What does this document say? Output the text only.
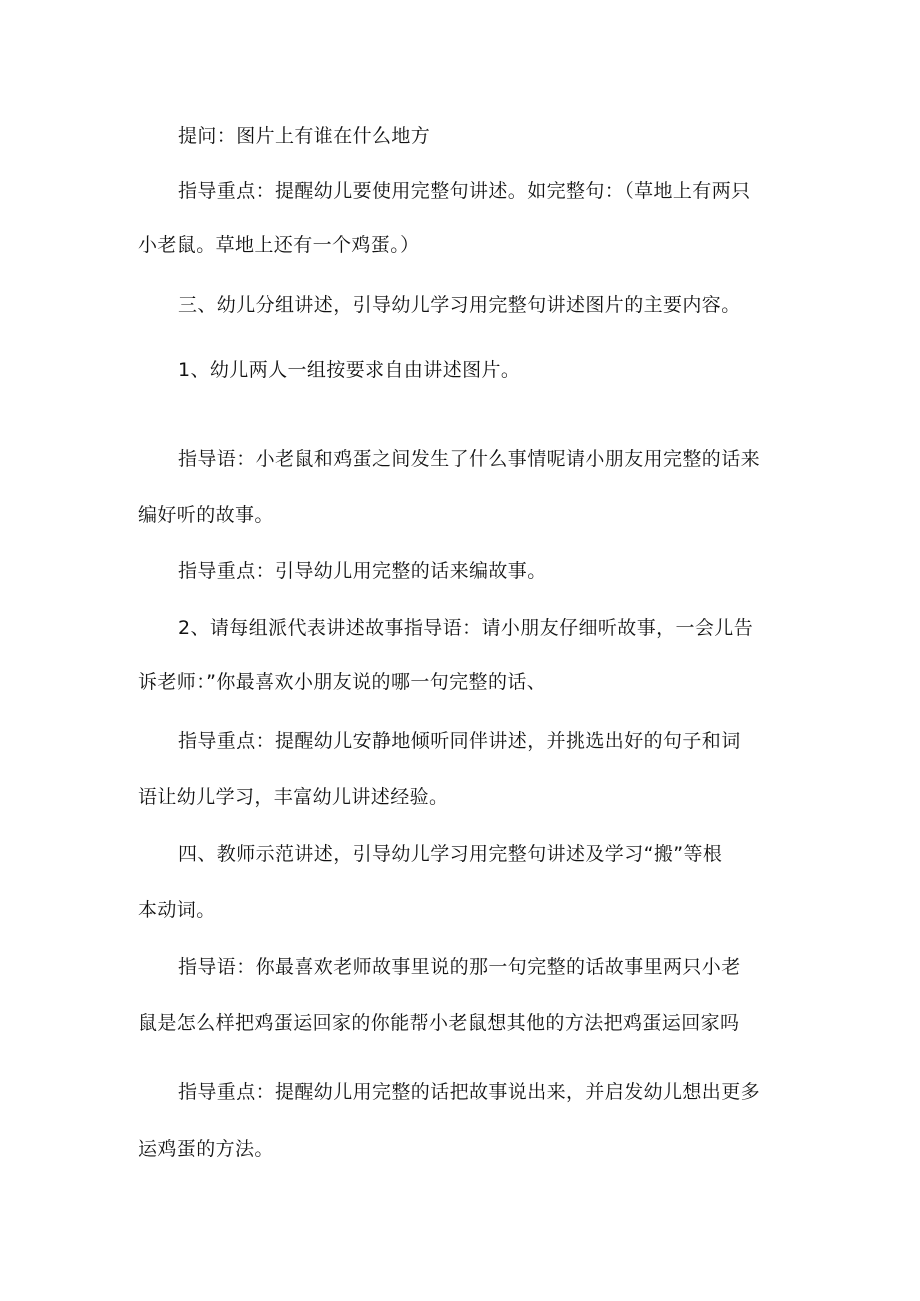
提问：图片上有谁在什么地方
指导重点：提醒幼儿要使用完整句讲述。如完整句：（草地上有两只
小老鼠。草地上还有一个鸡蛋。）
三、幼儿分组讲述，引导幼儿学习用完整句讲述图片的主要内容。
1、幼儿两人一组按要求自由讲述图片。
指导语：小老鼠和鸡蛋之间发生了什么事情呢请小朋友用完整的话来
编好听的故事。
指导重点：引导幼儿用完整的话来编故事。
2、请每组派代表讲述故事指导语：请小朋友仔细听故事，一会儿告
诉老师：”你最喜欢小朋友说的哪一句完整的话、
指导重点：提醒幼儿安静地倾听同伴讲述，并挑选出好的句子和词
语让幼儿学习，丰富幼儿讲述经验。
四、教师示范讲述，引导幼儿学习用完整句讲述及学习“搬”等根
本动词。
指导语：你最喜欢老师故事里说的那一句完整的话故事里两只小老
鼠是怎么样把鸡蛋运回家的你能帮小老鼠想其他的方法把鸡蛋运回家吗
指导重点：提醒幼儿用完整的话把故事说出来，并启发幼儿想出更多
运鸡蛋的方法。
